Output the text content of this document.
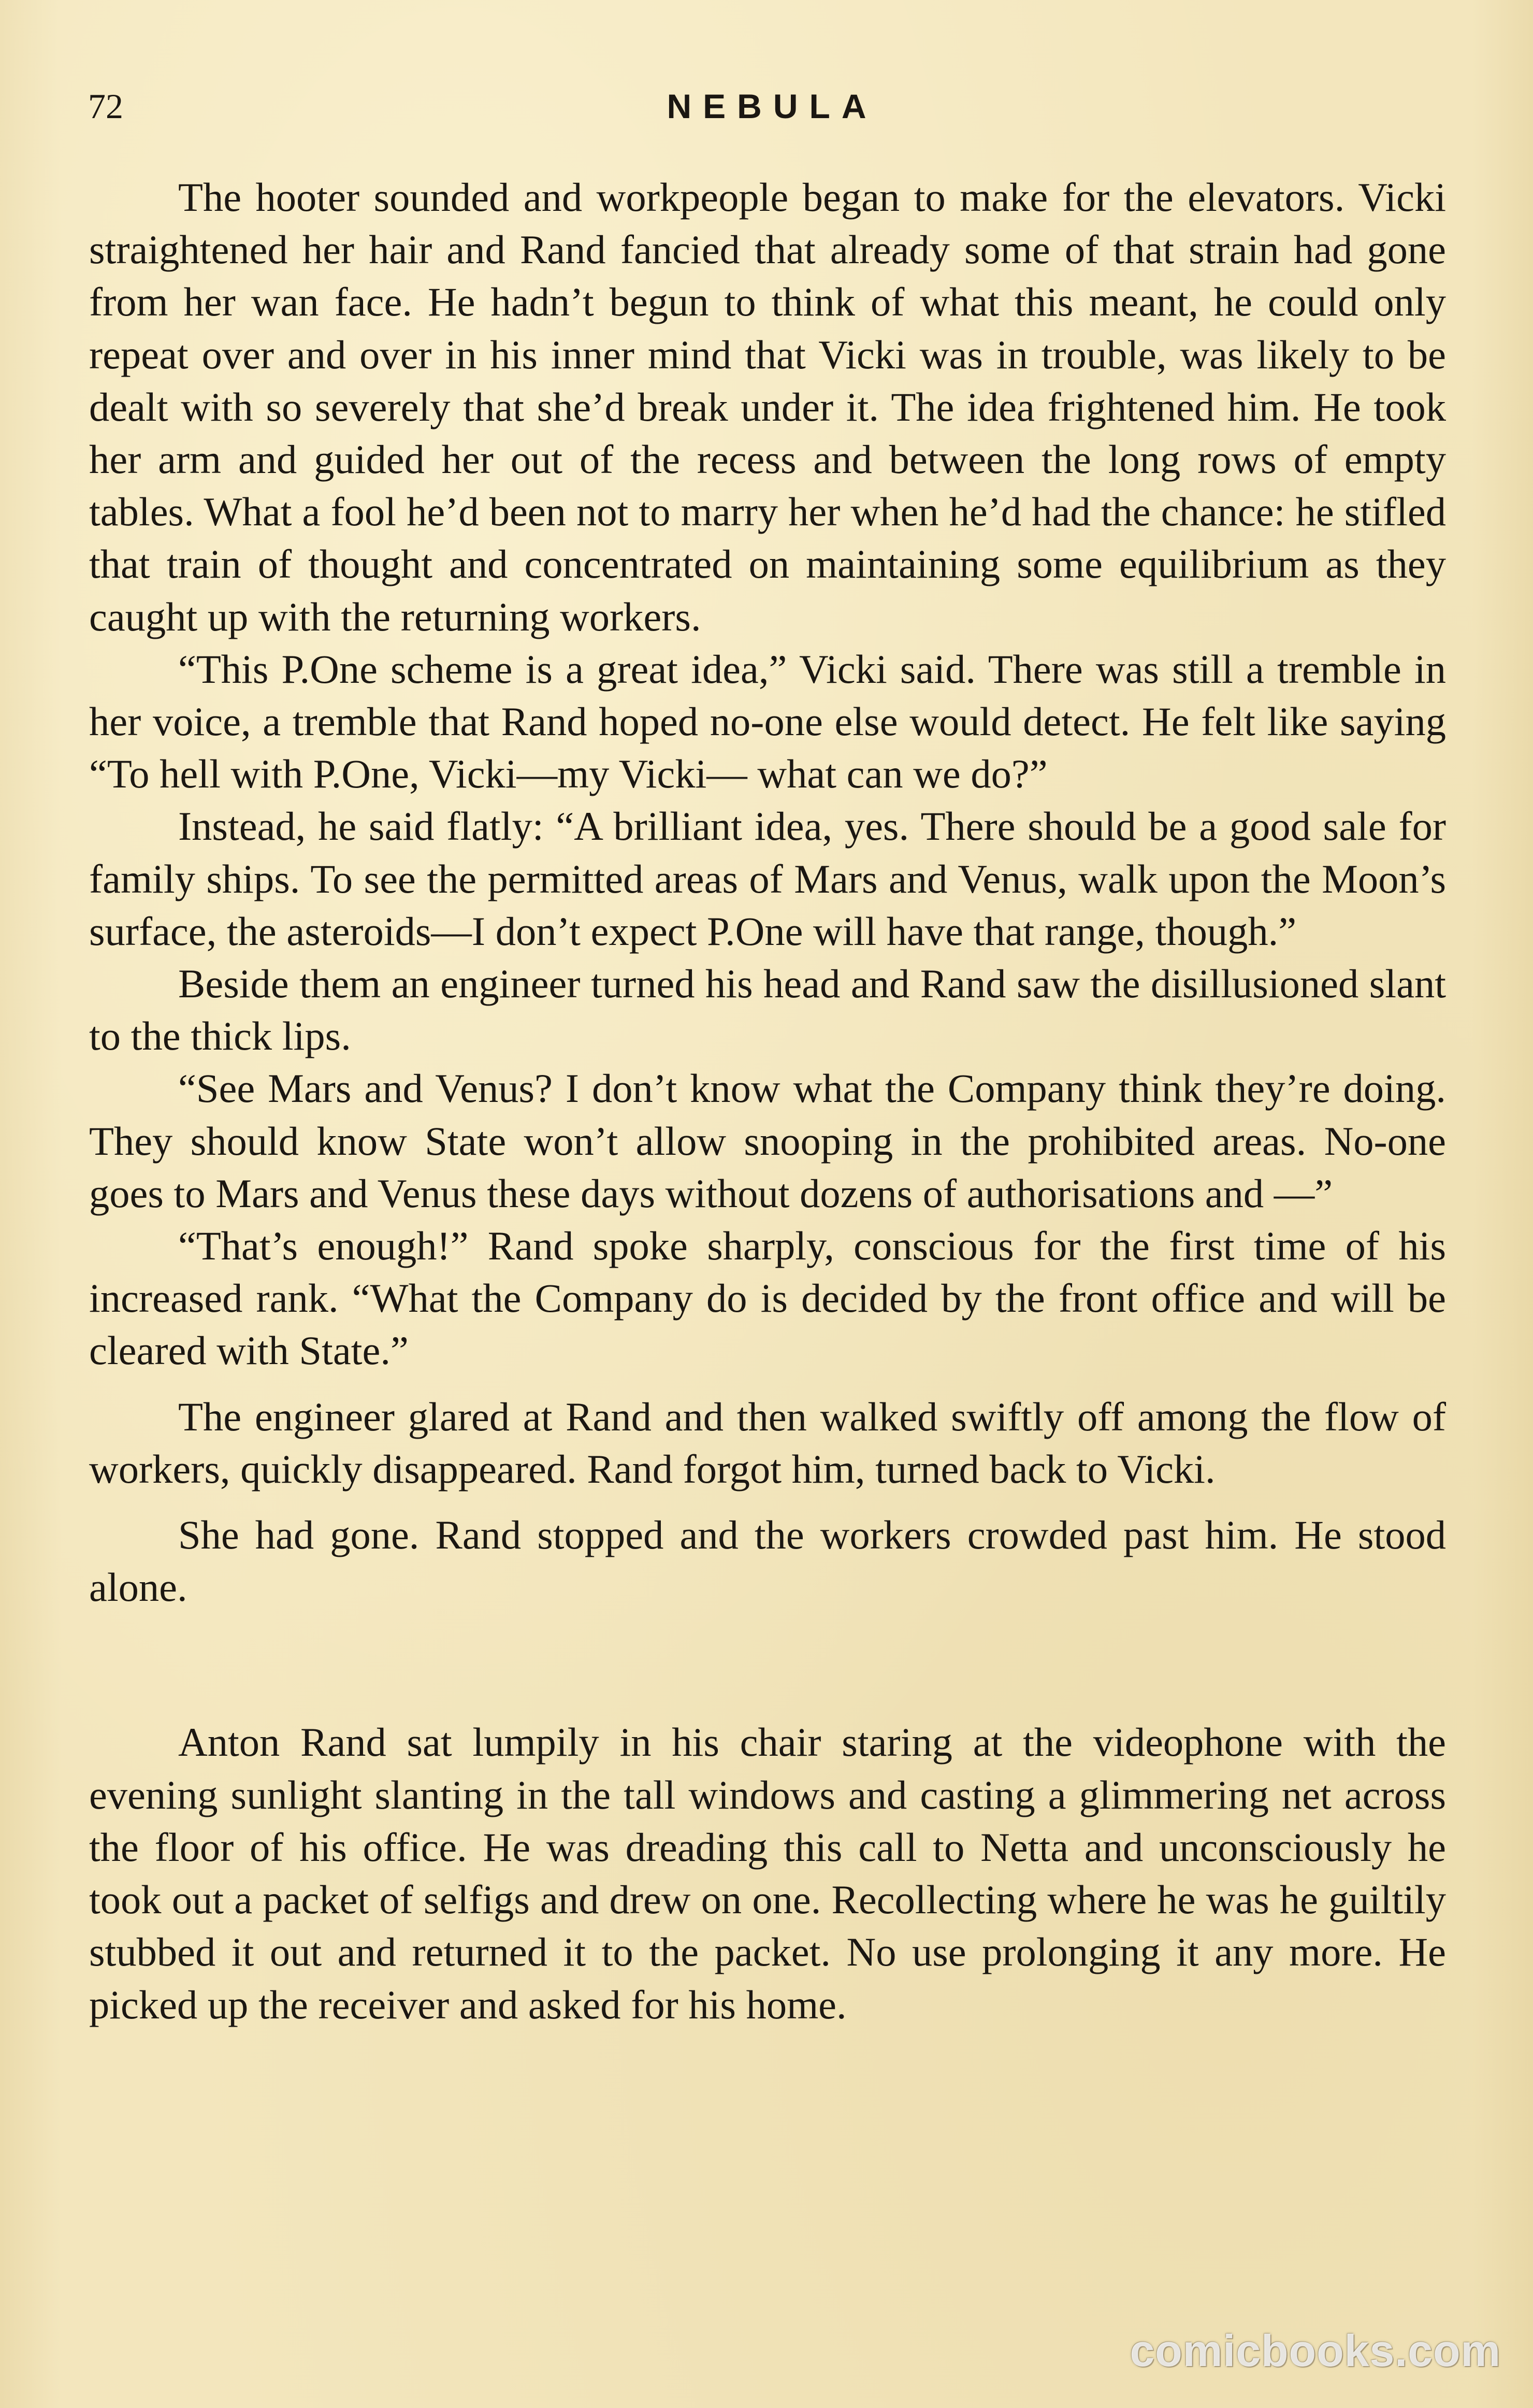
72	NEBULA

The hooter sounded and workpeople began to make for the elevators. Vicki straightened her hair and Rand fancied that already some of that strain had gone from her wan face. He hadn’t begun to think of what this meant, he could only repeat over and over in his inner mind that Vicki was in trouble, was likely to be dealt with so severely that she’d break under it. The idea frightened him. He took her arm and guided her out of the recess and between the long rows of empty tables. What a fool he’d been not to marry her when he’d had the chance: he stifled that train of thought and concentrated on maintaining some equilibrium as they caught up with the returning workers.

“This P.One scheme is a great idea,” Vicki said. There was still a tremble in her voice, a tremble that Rand hoped no-one else would detect. He felt like saying “To hell with P.One, Vicki—my Vicki— what can we do?”

Instead, he said flatly: “A brilliant idea, yes. There should be a good sale for family ships. To see the permitted areas of Mars and Venus, walk upon the Moon’s surface, the asteroids—I don’t expect P.One will have that range, though.”

Beside them an engineer turned his head and Rand saw the disillusioned slant to the thick lips.

“See Mars and Venus? I don’t know what the Company think they’re doing. They should know State won’t allow snooping in the prohibited areas. No-one goes to Mars and Venus these days without dozens of authorisations and —”

“That’s enough!” Rand spoke sharply, conscious for the first time of his increased rank. “What the Company do is decided by the front office and will be cleared with State.”

The engineer glared at Rand and then walked swiftly off among the flow of workers, quickly disappeared. Rand forgot him, turned back to Vicki.

She had gone. Rand stopped and the workers crowded past him. He stood alone.

Anton Rand sat lumpily in his chair staring at the videophone with the evening sunlight slanting in the tall windows and casting a glimmering net across the floor of his office. He was dreading this call to Netta and unconsciously he took out a packet of selfigs and drew on one. Recollecting where he was he guiltily stubbed it out and returned it to the packet. No use prolonging it any more. He picked up the receiver and asked for his home.

comicbooks.com
